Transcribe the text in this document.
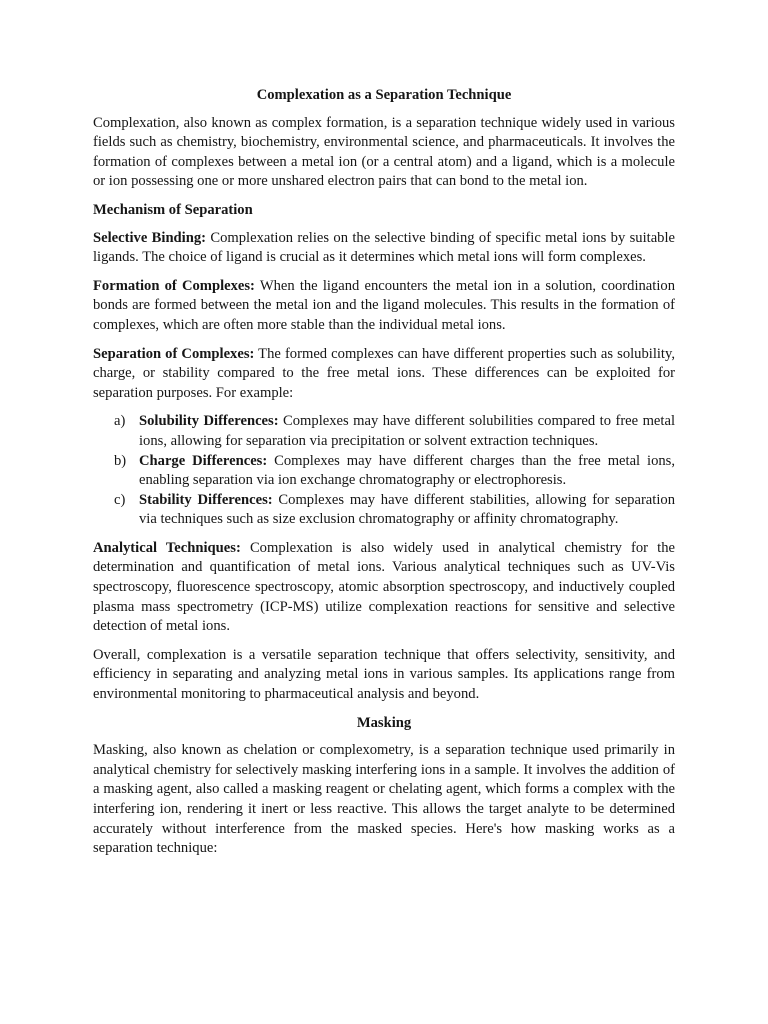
Complexation as a Separation Technique

Complexation, also known as complex formation, is a separation technique widely used in various fields such as chemistry, biochemistry, environmental science, and pharmaceuticals. It involves the formation of complexes between a metal ion (or a central atom) and a ligand, which is a molecule or ion possessing one or more unshared electron pairs that can bond to the metal ion.

Mechanism of Separation

Selective Binding: Complexation relies on the selective binding of specific metal ions by suitable ligands. The choice of ligand is crucial as it determines which metal ions will form complexes.

Formation of Complexes: When the ligand encounters the metal ion in a solution, coordination bonds are formed between the metal ion and the ligand molecules. This results in the formation of complexes, which are often more stable than the individual metal ions.

Separation of Complexes: The formed complexes can have different properties such as solubility, charge, or stability compared to the free metal ions. These differences can be exploited for separation purposes. For example:

a) Solubility Differences: Complexes may have different solubilities compared to free metal ions, allowing for separation via precipitation or solvent extraction techniques.
b) Charge Differences: Complexes may have different charges than the free metal ions, enabling separation via ion exchange chromatography or electrophoresis.
c) Stability Differences: Complexes may have different stabilities, allowing for separation via techniques such as size exclusion chromatography or affinity chromatography.

Analytical Techniques: Complexation is also widely used in analytical chemistry for the determination and quantification of metal ions. Various analytical techniques such as UV-Vis spectroscopy, fluorescence spectroscopy, atomic absorption spectroscopy, and inductively coupled plasma mass spectrometry (ICP-MS) utilize complexation reactions for sensitive and selective detection of metal ions.

Overall, complexation is a versatile separation technique that offers selectivity, sensitivity, and efficiency in separating and analyzing metal ions in various samples. Its applications range from environmental monitoring to pharmaceutical analysis and beyond.

Masking

Masking, also known as chelation or complexometry, is a separation technique used primarily in analytical chemistry for selectively masking interfering ions in a sample. It involves the addition of a masking agent, also called a masking reagent or chelating agent, which forms a complex with the interfering ion, rendering it inert or less reactive. This allows the target analyte to be determined accurately without interference from the masked species. Here's how masking works as a separation technique:
